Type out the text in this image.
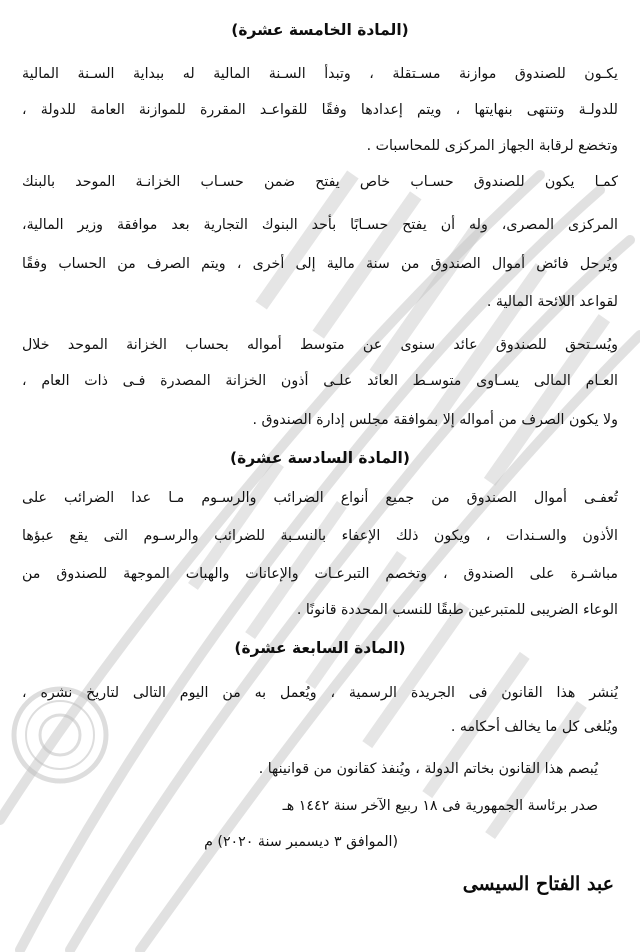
(المادة الخامسة عشرة)
يكـون للصندوق موازنة مسـتقلة ، وتبدأ السـنة المالية له ببداية السـنة المالية
للدولـة وتنتهى بنهايتها ، ويتم إعدادها وفقًا للقواعـد المقررة للموازنة العامة للدولة ،
وتخضع لرقابة الجهاز المركزى للمحاسبات .
كمـا يكون للصندوق حسـاب خاص يفتح ضمن حسـاب الخزانـة الموحد بالبنك
المركزى المصرى، وله أن يفتح حسـابًا بأحد البنوك التجارية بعد موافقة وزير المالية،
ويُرحل فائض أموال الصندوق من سنة مالية إلى أخرى ، ويتم الصرف من الحساب وفقًا
لقواعد اللائحة المالية .
ويُسـتحق للصندوق عائد سنوى عن متوسط أمواله بحساب الخزانة الموحد خلال
العـام المالى يسـاوى متوسـط العائد علـى أذون الخزانة المصدرة فـى ذات العام ،
ولا يكون الصرف من أمواله إلا بموافقة مجلس إدارة الصندوق .
(المادة السادسة عشرة)
تُعفـى أموال الصندوق من جميع أنواع الضرائب والرسـوم مـا عدا الضرائب على
الأذون والسـندات ، ويكون ذلك الإعفاء بالنسـبة للضرائب والرسـوم التى يقع عبؤها
مباشـرة على الصندوق ، وتخصم التبرعـات والإعانات والهبات الموجهة للصندوق من
الوعاء الضريبى للمتبرعين طبقًا للنسب المحددة قانونًا .
(المادة السابعة عشرة)
يُنشر هذا القانون فى الجريدة الرسمية ، ويُعمل به من اليوم التالى لتاريخ نشره ،
ويُلغى كل ما يخالف أحكامه .
يُبصم هذا القانون بخاتم الدولة ، ويُنفذ كقانون من قوانينها .
صدر برئاسة الجمهورية فى ١٨ ربيع الآخر سنة ١٤٤٢ هـ
(الموافق ٣ ديسمبر سنة ٢٠٢٠) م
عبد الفتاح السيسى
